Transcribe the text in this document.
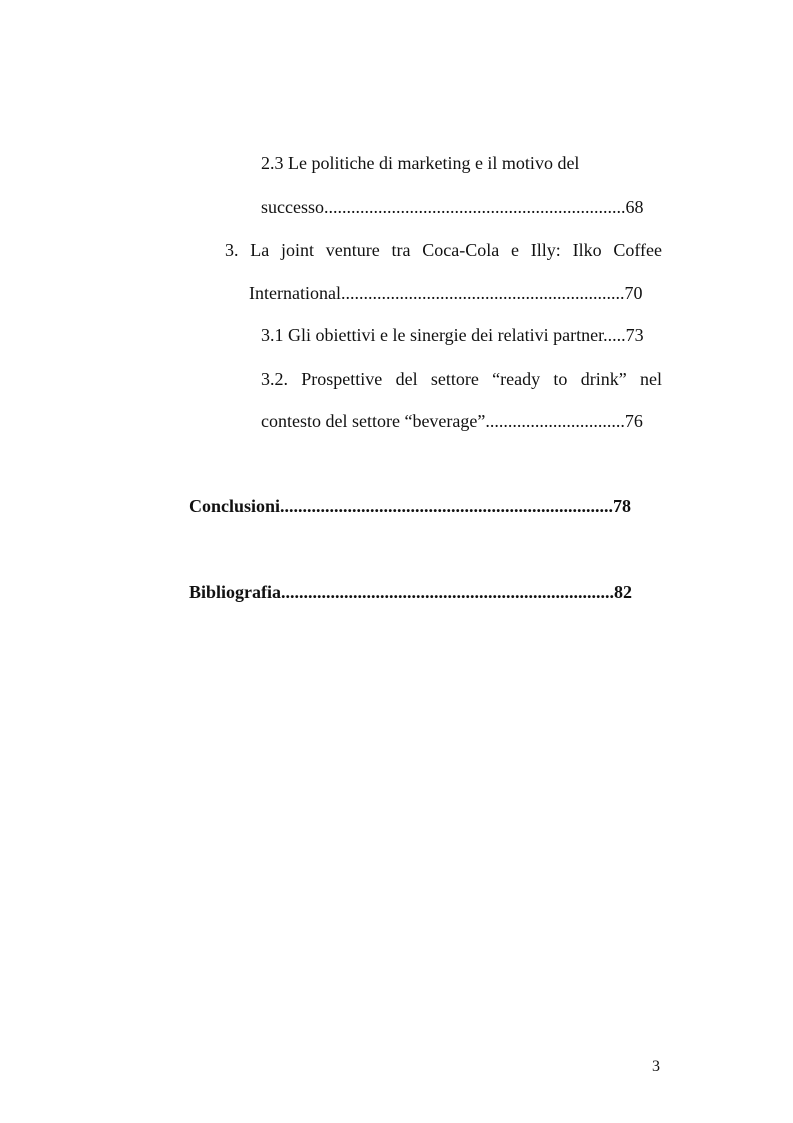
2.3 Le politiche di marketing e il motivo del
successo...................................................................68
3. La joint venture tra Coca-Cola e Illy: Ilko Coffee
International...............................................................70
3.1 Gli obiettivi e le sinergie dei relativi partner.....73
3.2. Prospettive del settore “ready to drink” nel
contesto del settore “beverage”...............................76
Conclusioni..........................................................................78
Bibliografia..........................................................................82
3
